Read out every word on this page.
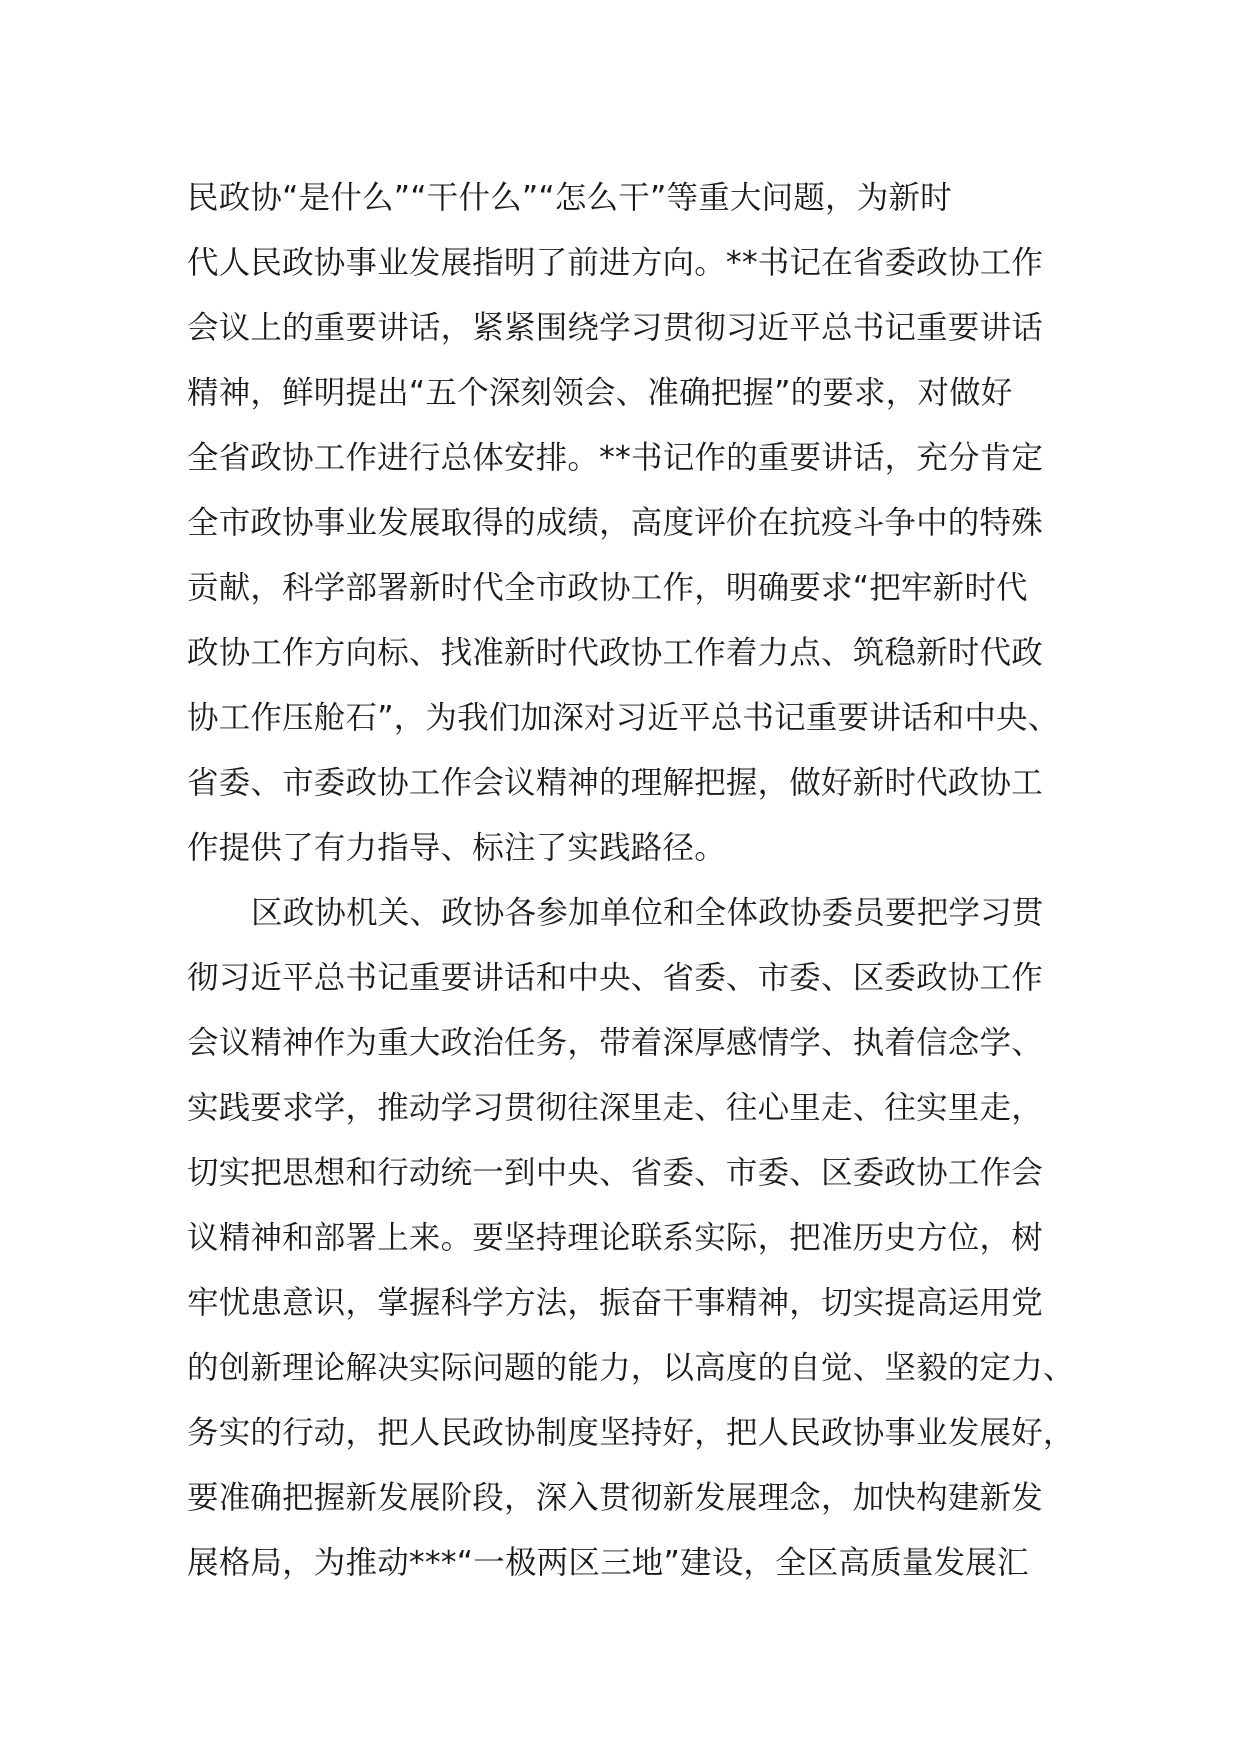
民政协“是什么”“干什么”“怎么干”等重大问题，为新时
代人民政协事业发展指明了前进方向。**书记在省委政协工作
会议上的重要讲话，紧紧围绕学习贯彻习近平总书记重要讲话
精神，鲜明提出“五个深刻领会、准确把握”的要求，对做好
全省政协工作进行总体安排。**书记作的重要讲话，充分肯定
全市政协事业发展取得的成绩，高度评价在抗疫斗争中的特殊
贡献，科学部署新时代全市政协工作，明确要求“把牢新时代
政协工作方向标、找准新时代政协工作着力点、筑稳新时代政
协工作压舱石”，为我们加深对习近平总书记重要讲话和中央、
省委、市委政协工作会议精神的理解把握，做好新时代政协工
作提供了有力指导、标注了实践路径。
区政协机关、政协各参加单位和全体政协委员要把学习贯
彻习近平总书记重要讲话和中央、省委、市委、区委政协工作
会议精神作为重大政治任务，带着深厚感情学、执着信念学、
实践要求学，推动学习贯彻往深里走、往心里走、往实里走，
切实把思想和行动统一到中央、省委、市委、区委政协工作会
议精神和部署上来。要坚持理论联系实际，把准历史方位，树
牢忧患意识，掌握科学方法，振奋干事精神，切实提高运用党
的创新理论解决实际问题的能力，以高度的自觉、坚毅的定力、
务实的行动，把人民政协制度坚持好，把人民政协事业发展好，
要准确把握新发展阶段，深入贯彻新发展理念，加快构建新发
展格局，为推动***“一极两区三地”建设，全区高质量发展汇
